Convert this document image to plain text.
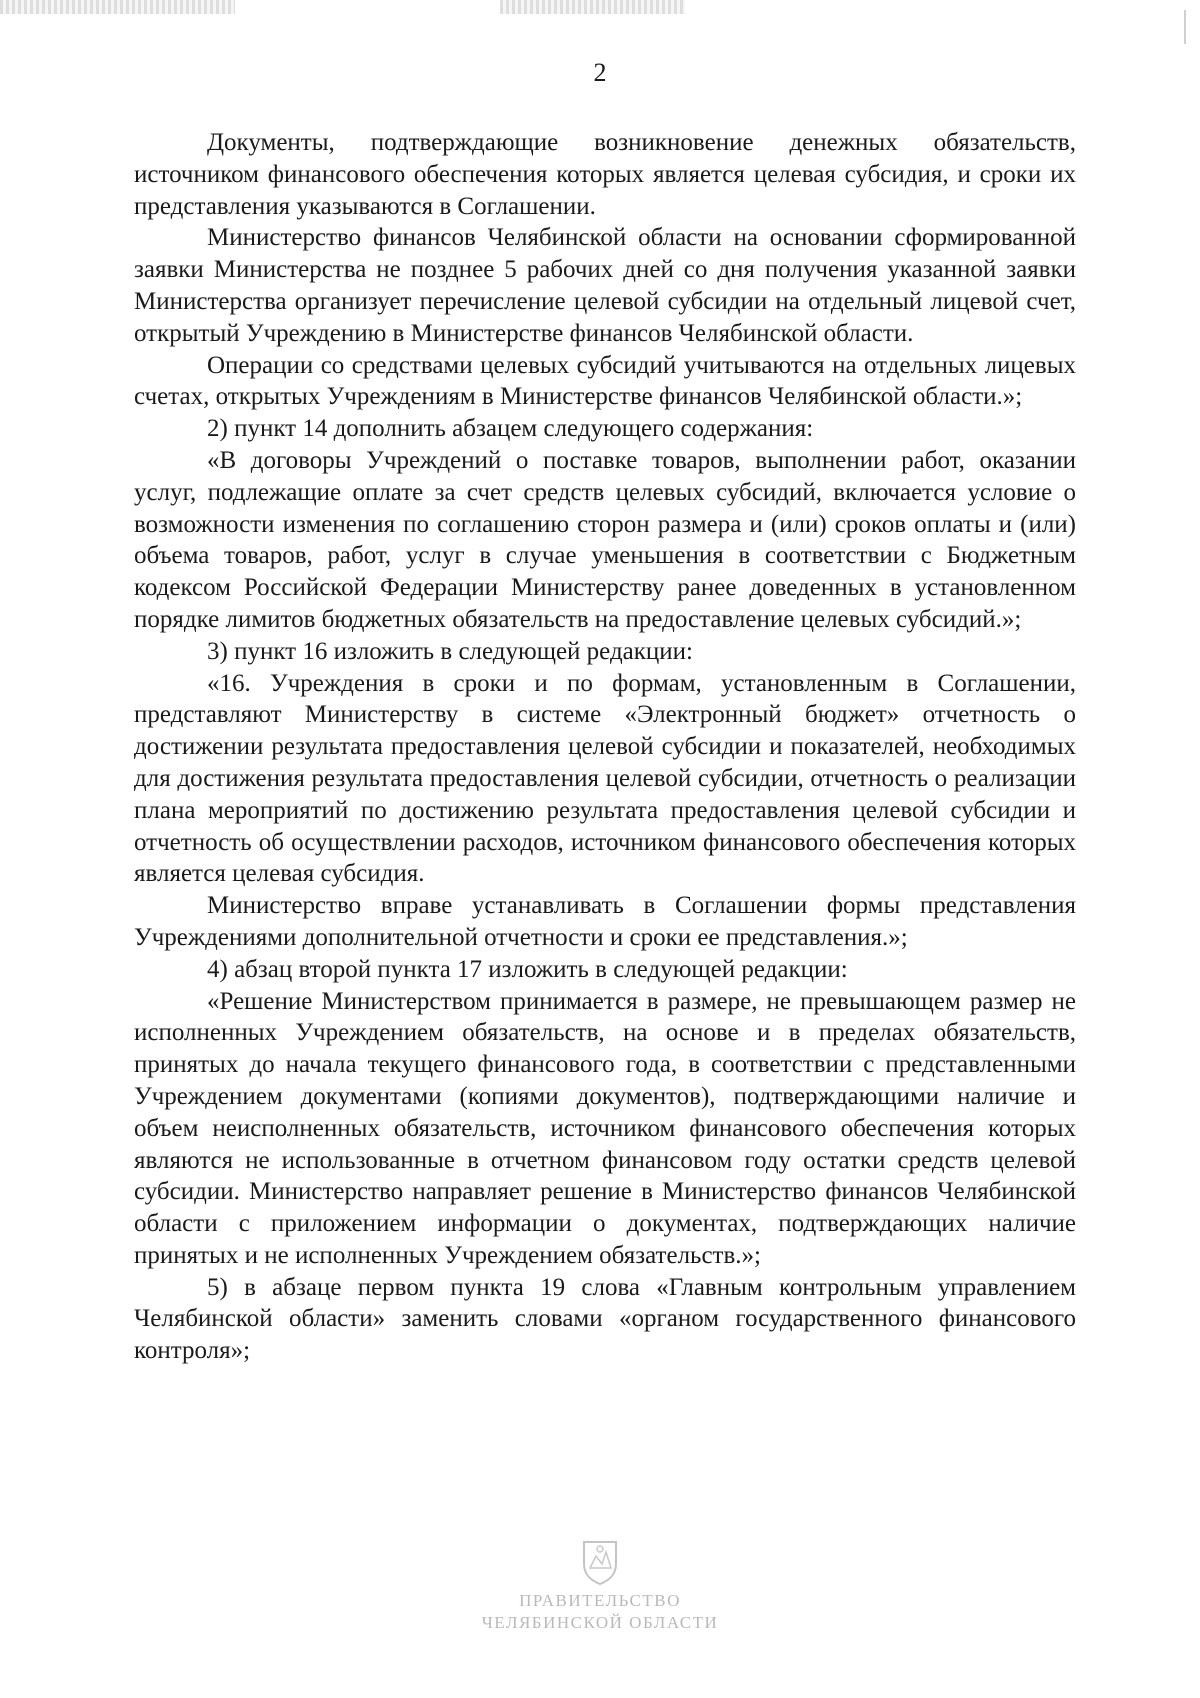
2

Документы, подтверждающие возникновение денежных обязательств, источником финансового обеспечения которых является целевая субсидия, и сроки их представления указываются в Соглашении.

Министерство финансов Челябинской области на основании сформированной заявки Министерства не позднее 5 рабочих дней со дня получения указанной заявки Министерства организует перечисление целевой субсидии на отдельный лицевой счет, открытый Учреждению в Министерстве финансов Челябинской области.

Операции со средствами целевых субсидий учитываются на отдельных лицевых счетах, открытых Учреждениям в Министерстве финансов Челябинской области.»;

2) пункт 14 дополнить абзацем следующего содержания:

«В договоры Учреждений о поставке товаров, выполнении работ, оказании услуг, подлежащие оплате за счет средств целевых субсидий, включается условие о возможности изменения по соглашению сторон размера и (или) сроков оплаты и (или) объема товаров, работ, услуг в случае уменьшения в соответствии с Бюджетным кодексом Российской Федерации Министерству ранее доведенных в установленном порядке лимитов бюджетных обязательств на предоставление целевых субсидий.»;

3) пункт 16 изложить в следующей редакции:

«16. Учреждения в сроки и по формам, установленным в Соглашении, представляют Министерству в системе «Электронный бюджет» отчетность о достижении результата предоставления целевой субсидии и показателей, необходимых для достижения результата предоставления целевой субсидии, отчетность о реализации плана мероприятий по достижению результата предоставления целевой субсидии и отчетность об осуществлении расходов, источником финансового обеспечения которых является целевая субсидия.

Министерство вправе устанавливать в Соглашении формы представления Учреждениями дополнительной отчетности и сроки ее представления.»;

4) абзац второй пункта 17 изложить в следующей редакции:

«Решение Министерством принимается в размере, не превышающем размер не исполненных Учреждением обязательств, на основе и в пределах обязательств, принятых до начала текущего финансового года, в соответствии с представленными Учреждением документами (копиями документов), подтверждающими наличие и объем неисполненных обязательств, источником финансового обеспечения которых являются не использованные в отчетном финансовом году остатки средств целевой субсидии. Министерство направляет решение в Министерство финансов Челябинской области с приложением информации о документах, подтверждающих наличие принятых и не исполненных Учреждением обязательств.»;

5) в абзаце первом пункта 19 слова «Главным контрольным управлением Челябинской области» заменить словами «органом государственного финансового контроля»;

ПРАВИТЕЛЬСТВО
ЧЕЛЯБИНСКОЙ ОБЛАСТИ
